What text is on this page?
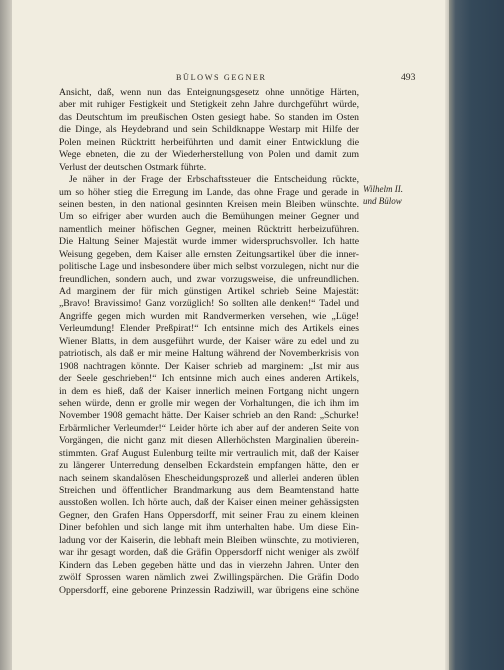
BÜLOWS GEGNER	493
Ansicht, daß, wenn nun das Enteignungsgesetz ohne unnötige Härten,
aber mit ruhiger Festigkeit und Stetigkeit zehn Jahre durchgeführt würde,
das Deutschtum im preußischen Osten gesiegt habe. So standen im Osten
die Dinge, als Heydebrand und sein Schildknappe Westarp mit Hilfe der
Polen meinen Rücktritt herbeiführten und damit einer Entwicklung die
Wege ebneten, die zu der Wiederherstellung von Polen und damit zum
Verlust der deutschen Ostmark führte.
Je näher in der Frage der Erbschaftssteuer die Entscheidung rückte,
um so höher stieg die Erregung im Lande, das ohne Frage und gerade in
seinen besten, in den national gesinnten Kreisen mein Bleiben wünschte.
Um so eifriger aber wurden auch die Bemühungen meiner Gegner und
namentlich meiner höfischen Gegner, meinen Rücktritt herbeizuführen.
Die Haltung Seiner Majestät wurde immer widerspruchsvoller. Ich hatte
Weisung gegeben, dem Kaiser alle ernsten Zeitungsartikel über die inner-
politische Lage und insbesondere über mich selbst vorzulegen, nicht nur die
freundlichen, sondern auch, und zwar vorzugsweise, die unfreundlichen.
Ad marginem der für mich günstigen Artikel schrieb Seine Majestät:
„Bravo! Bravissimo! Ganz vorzüglich! So sollten alle denken!“ Tadel und
Angriffe gegen mich wurden mit Randvermerken versehen, wie „Lüge!
Verleumdung! Elender Preßpirat!“ Ich entsinne mich des Artikels eines
Wiener Blatts, in dem ausgeführt wurde, der Kaiser wäre zu edel und zu
patriotisch, als daß er mir meine Haltung während der Novemberkrisis von
1908 nachtragen könnte. Der Kaiser schrieb ad marginem: „Ist mir aus
der Seele geschrieben!“ Ich entsinne mich auch eines anderen Artikels,
in dem es hieß, daß der Kaiser innerlich meinen Fortgang nicht ungern
sehen würde, denn er grolle mir wegen der Vorhaltungen, die ich ihm im
November 1908 gemacht hätte. Der Kaiser schrieb an den Rand: „Schurke!
Erbärmlicher Verleumder!“ Leider hörte ich aber auf der anderen Seite von
Vorgängen, die nicht ganz mit diesen Allerhöchsten Marginalien überein-
stimmten. Graf August Eulenburg teilte mir vertraulich mit, daß der Kaiser
zu längerer Unterredung denselben Eckardstein empfangen hätte, den er
nach seinem skandalösen Ehescheidungsprozeß und allerlei anderen üblen
Streichen und öffentlicher Brandmarkung aus dem Beamtenstand hatte
ausstoßen wollen. Ich hörte auch, daß der Kaiser einen meiner gehässigsten
Gegner, den Grafen Hans Oppersdorff, mit seiner Frau zu einem kleinen
Diner befohlen und sich lange mit ihm unterhalten habe. Um diese Ein-
ladung vor der Kaiserin, die lebhaft mein Bleiben wünschte, zu motivieren,
war ihr gesagt worden, daß die Gräfin Oppersdorff nicht weniger als zwölf
Kindern das Leben gegeben hätte und das in vierzehn Jahren. Unter den
zwölf Sprossen waren nämlich zwei Zwillingspärchen. Die Gräfin Dodo
Oppersdorff, eine geborene Prinzessin Radziwill, war übrigens eine schöne
Wilhelm II.
und Bülow
